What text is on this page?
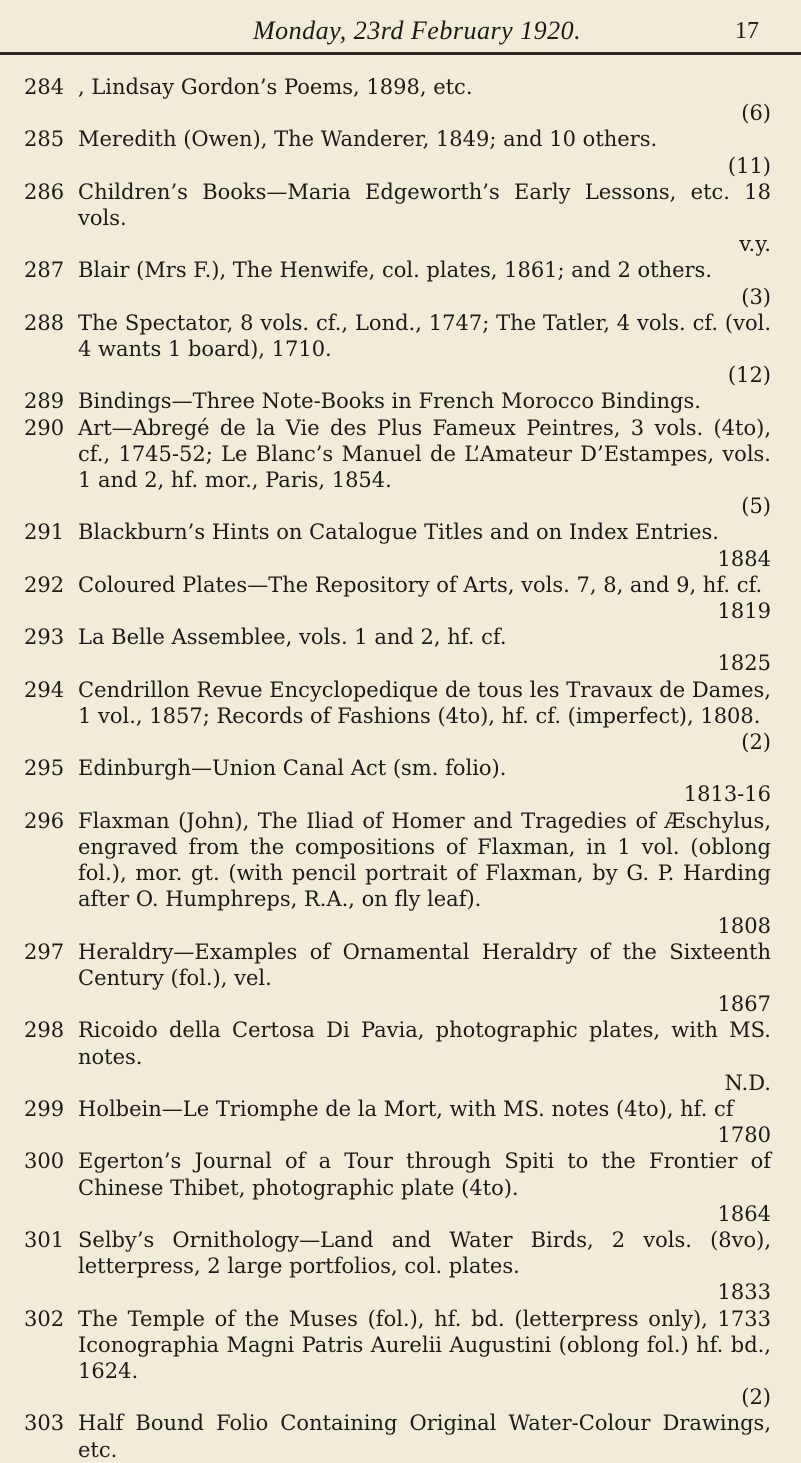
Monday, 23rd February 1920.	17
284 , Lindsay Gordon’s Poems, 1898, etc.
(6)
285 Meredith (Owen), The Wanderer, 1849; and 10 others.
(11)
286 Children’s Books—Maria Edgeworth’s Early Lessons, etc. 18 vols.
v.y.
287 Blair (Mrs F.), The Henwife, col. plates, 1861; and 2 others.
(3)
288 The Spectator, 8 vols. cf., Lond., 1747; The Tatler, 4 vols. cf. (vol. 4 wants 1 board), 1710.
(12)
289 Bindings—Three Note-Books in French Morocco Bindings.
290 Art—Abregé de la Vie des Plus Fameux Peintres, 3 vols. (4to), cf., 1745-52; Le Blanc’s Manuel de L’Amateur D’Estampes, vols. 1 and 2, hf. mor., Paris, 1854.
(5)
291 Blackburn’s Hints on Catalogue Titles and on Index Entries.
1884
292 Coloured Plates—The Repository of Arts, vols. 7, 8, and 9, hf. cf.
1819
293 La Belle Assemblee, vols. 1 and 2, hf. cf.
1825
294 Cendrillon Revue Encyclopedique de tous les Travaux de Dames, 1 vol., 1857; Records of Fashions (4to), hf. cf. (imperfect), 1808.
(2)
295 Edinburgh—Union Canal Act (sm. folio).
1813-16
296 Flaxman (John), The Iliad of Homer and Tragedies of Æschylus, engraved from the compositions of Flaxman, in 1 vol. (oblong fol.), mor. gt. (with pencil portrait of Flaxman, by G. P. Harding after O. Humphreps, R.A., on fly leaf).
1808
297 Heraldry—Examples of Ornamental Heraldry of the Sixteenth Century (fol.), vel.
1867
298 Ricoido della Certosa Di Pavia, photographic plates, with MS. notes.
N.D.
299 Holbein—Le Triomphe de la Mort, with MS. notes (4to), hf. cf
1780
300 Egerton’s Journal of a Tour through Spiti to the Frontier of Chinese Thibet, photographic plate (4to).
1864
301 Selby’s Ornithology—Land and Water Birds, 2 vols. (8vo), letterpress, 2 large portfolios, col. plates.
1833
302 The Temple of the Muses (fol.), hf. bd. (letterpress only), 1733 Iconographia Magni Patris Aurelii Augustini (oblong fol.) hf. bd., 1624.
(2)
303 Half Bound Folio Containing Original Water-Colour Drawings, etc.
